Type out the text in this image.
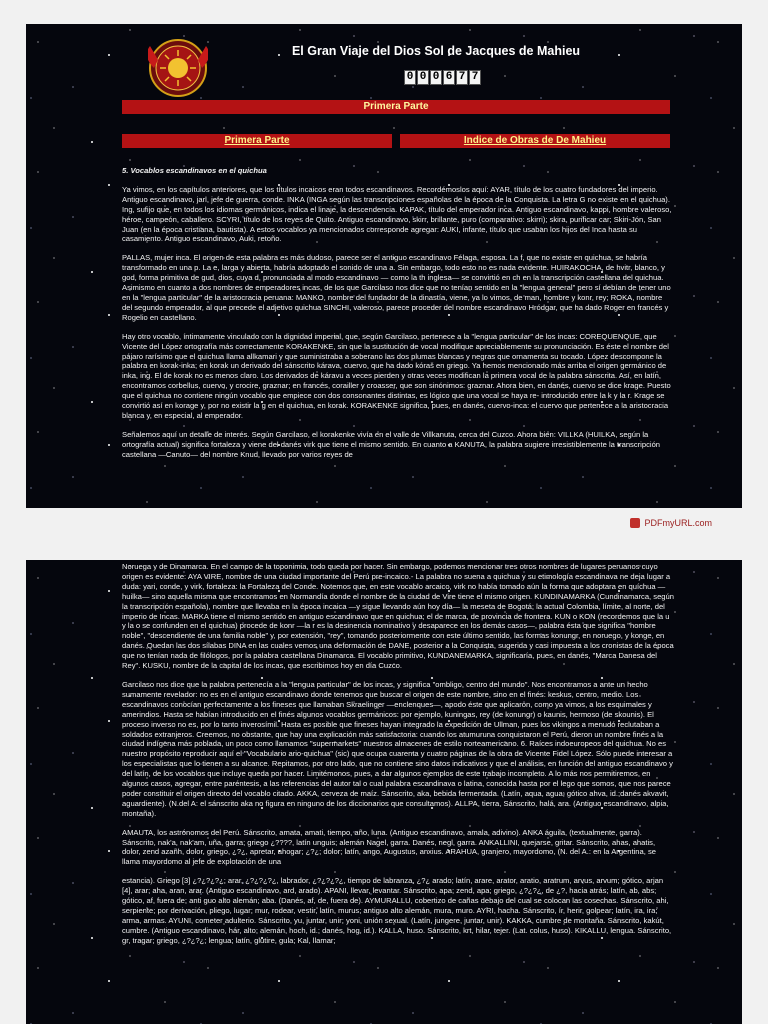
El Gran Viaje del Dios Sol de Jacques de Mahieu
0 0 0 6 7 7
Primera Parte
Primera Parte	Indice de Obras de De Mahieu

5. Vocablos escandinavos en el quichua

Ya vimos, en los capítulos anteriores, que los títulos incaicos eran todos escandinavos. Recordémoslos aquí: AYAR, título de los cuatro fundadores del imperio. Antiguo escandinavo, jarl, jefe de guerra, conde. INKA (INGA según las transcripciones españolas de la época de la Conquista. La letra G no existe en el quichua). Ing, sufijo que, en todos los idiomas germánicos, indica el linaje, la descendencia. KAPAK, título del emperador inca. Antiguo escandinavo, kappi, hombre valeroso, héroe, campeón, caballero. SCYRI, título de los reyes de Quito. Antiguo escandinavo, skirr, brillante, puro (comparativo: skirri); skira, purificar car; Skiri-Jón, San Juan (en la época cristiana, bautista). A estos vocablos ya mencionados corresponde agregar: AUKI, infante, título que usaban los hijos del Inca hasta su casamiento. Antiguo escandinavo, Auki, retoño.

PALLAS, mujer inca. El origen de esta palabra es más dudoso, parece ser el antiguo escandinavo Félaga, esposa. La f, que no existe en quichua, se habría transformado en una p. La e, larga y abierta, habría adoptado el sonido de una a. Sin embargo, todo esto no es nada evidente. HUIRAKOCHA, de hvitr, blanco, y god, forma primitiva de gud, dios, cuya d, pronunciada al modo escandinavo — como la th inglesa— se convirtió en ch en la transcripción castellana del quichua. Asimismo en cuanto a dos nombres de emperadores incas, de los que Garcilaso nos dice que no tenían sentido en la "lengua general" pero sí debían de tener uno en la "lengua particular" de la aristocracia peruana: MANKO, nombre del fundador de la dinastía, viene, ya lo vimos, de man, hombre y konr, rey; ROKA, nombre del segundo emperador, al que precede el adjetivo quichua SINCHI, valeroso, parece proceder del nombre escandinavo Hródgar, que ha dado Roger en francés y Rogelio en castellano.

Hay otro vocablo, íntimamente vinculado con la dignidad imperial, que, según Garcilaso, pertenece a la "lengua particular" de los incas: COREQUENQUE, que Vicente del López ortografía más correctamente KORAKENKE, sin que la sustitución de vocal modifique apreciablemente su pronunciación. Es éste el nombre del pájaro rarísimo que el quichua llama allkamari y que suministraba a soberano las dos plumas blancas y negras que ornamenta su tocado. López descompone la palabra en korak-inka; en korak un derivado del sánscrito kárava, cuervo, que ha dado kóraš en griego. Ya hemos mencionado más arriba el origen germánico de inka, ing. El de korak no es menos claro. Los derivados de káravu a veces pierden y otras veces modifican la primera vocal de la palabra sánscrita. Así, en latín, encontramos corbellus, cuervo, y crocire, graznar; en francés, corailler y croasser, que son sinónimos: graznar. Ahora bien, en danés, cuervo se dice krage. Puesto que el quichua no contiene ningún vocablo que empiece con dos consonantes distintas, es lógico que una vocal se haya re- introducido entre la k y la r. Krage se convirtió así en korage y, por no existir la g en el quichua, en korak. KORAKENKE significa, pues, en danés, cuervo-inca: el cuervo que pertenece a la aristocracia blanca y, en especial, al emperador.

Señalemos aquí un detalle de interés. Según Garcilaso, el korakenke vivía en el valle de Villkanuta, cerca del Cuzco. Ahora bien: VILLKA (HUILKA, según la ortografía actual) significa fortaleza y viene del danés virk que tiene el mismo sentido. En cuanto a KANUTA, la palabra sugiere irresistiblemente la transcripción castellana —Canuto— del nombre Knud, llevado por varios reyes de

PDFmyURL.com

Noruega y de Dinamarca. En el campo de la toponimia, todo queda por hacer. Sin embargo, podemos mencionar tres otros nombres de lugares peruanos cuyo origen es evidente: AYA VIRE, nombre de una ciudad importante del Perú pre-incaico.- La palabra no suena a quichua y su etimología escandinava ne deja lugar a duda: yari, conde, y virk, fortaleza: la Fortaleza del Conde. Notemos que, en este vocablo arcaico, virk no había tomado aún la forma que adoptara en quíchua —huilka— sino aquella misma que encontramos en Normandía donde el nombre de la ciudad de Vire tiene el mismo origen. KUNDINAMARKA (Cundinamarca, según la transcripción española), nombre que llevaba en la época incaica —y sigue llevando aún hoy día— la meseta de Bogotá; la actual Colombia, límite, al norte, del imperio de Incas. MARKA tiene el mismo sentido en antiguo escandinavo que en quichua; el de marca, de provincia de frontera. KUN o KON (recordemos que la u y la o se confunden en el quichua) procede de konr —la r es la desinencia nominativo y desaparece en los demás casos—, palabra ésta que significa "hombre noble", "descendiente de una familia noble" y, por extensión, "rey", tomando posteriormente con este último sentido, las formas konungr, en noruego, y konge, en danés. Quedan las dos sílabas DINA en las cuales vemos una deformación de DANE, posterior a la Conquista, sugerida y casi impuesta a los cronistas de la época que no tenían nada de filólogos, por la palabra castellana Dinamarca. El vocablo primitivo, KUNDANEMARKA, significaría, pues, en danés, "Marca Danesa del Rey". KUSKU, nombre de la capital de los incas, que escribimos hoy en día Cuzco.

Garcilaso nos dice que la palabra pertenecía a la "lengua particular" de los incas, y significa "ombligo, centro del mundo". Nos encontramos a ante un hecho sumamente revelador: no es en el antiguo escandinavo donde tenemos que buscar el origen de este nombre, sino en el finés: keskus, centro, medio. Los escandinavos conocían perfectamente a los fineses que llamaban Skraelinger —enclenques—, apodo éste que aplicaron, como ya vimos, a los esquimales y amerindios. Hasta se habían introducido en el finés algunos vocablos germánicos: por ejemplo, kuningas, rey (de konungr) o kaunis, hermoso (de skounis). El proceso inverso no es, por lo tanto inverosímil. Hasta es posible que fineses hayan integrado la expedición de Ullman, pues los vikingos a menudó reclutaban a soldados extranjeros. Creemos, no obstante, que hay una explicación más satisfactoria: cuando los atumuruna conquistaron el Perú, dieron un nombre finés a la ciudad indígena más poblada, un poco como llamamos "supermarkets" nuestros almacenes de estilo norteamericano. 6. Raíces indoeuropeos del quichua. No es nuestro propósito reproducir aquí el "Vocabulario ario-quichua" (sic) que ocupa cuarenta y cuatro páginas de la obra de Vicente Fidel López. Sólo puede interesar a los especialistas que lo tienen a su alcance. Repitamos, por otro lado, que no contiene sino datos indicativos y que el análisis, en función del antiguo escandinavo y del latín, de los vocablos que incluye queda por hacer. Limitémonos, pues, a dar algunos ejemplos de este trabajo incompleto. A lo más nos permitiremos, en algunos casos, agregar, entre paréntesis, a las referencias del autor tal o cual palabra escandinava o latina, conocida hasta por el lego que somos, que nos parece poder constituir el origen directo del vocablo citado. AKKA, cerveza de maíz. Sánscrito, aka, bebida fermentada. (Latín, aqua, agua; gótico ahva, id.;danés akvavit, aguardiente). (N.del A: el sánscrito aka no figura en ninguno de los diccionarios que consultamos). ALLPA, tierra, Sánscrito, halá, ara. (Antiguo escandinavo, alpia, montaña).

AMAUTA, los astrónomos del Perú. Sánscrito, amata, amati, tiempo, año, luna. (Antiguo escandinavo, amala, adivino). ANKA águila, (textualmente, garra). Sánscrito, nak'a, nak'am, uña, garra; griego ¿????, latín unguis; alemán Nagel, garra. Danés, negl, garra. ANKALLINI, quejarse, gritar. Sánscrito, ahas, ahatis, dolor, zend azañh, dolor, griego, ¿?¿, apretar, ahogar; ¿?¿; dolor; latín, ango, Augustus, anxius. ARAHUA, granjero, mayordomo, (N. del A.: en la Argentina, se llama mayordomo al jefe de explotación de una

estancia). Griego [3] ¿?¿?¿?¿; arar, ¿?¿?¿?¿, labrador, ¿?¿?¿?¿, tiempo de labranza, ¿?¿ arado; latín, arare, arator, aratio, aratrum, arvus, arvum; gótico, arjan [4], arar; aha, aran, arar. (Antiguo escandinavo, ard, arado). APANI, llevar, levantar. Sánscrito, apa; zend, apa; griego, ¿?¿?¿, de ¿?, hacia atrás; latín, ab, abs; gótico, af, fuera de; anti guo alto alemán; aba. (Danés, af, de, fuera de). AYMURALLU, cobertizo de cañas debajo del cual se colocan las cosechas. Sánscrito, ahi, serpiente; por derivación, pliego, lugar; mur, rodear, vestir, latín, murus; antiguo alto alemán, mura, muro. AYRI, hacha. Sánscrito, ír, herir, golpear; latín, ira, ira; arma, armas. AYUNI, cometer adulterio. Sánscrito, yu, juntar, unir; yoni, unión sexual. (Latín, jungere, juntar, unir). KAKKA, cumbre de montaña. Sánscrito, kakút, cumbre. (Antiguo escandinavo, hár, alto; alemán, hoch, id.; danés, hog, id.). KALLA, huso. Sánscrito, krt, hilar, tejer. (Lat. colus, huso). KIKALLU, lengua. Sánscrito, gr, tragar; griego, ¿?¿?¿; lengua; latín, glutire, gula; Kal, llamar;
